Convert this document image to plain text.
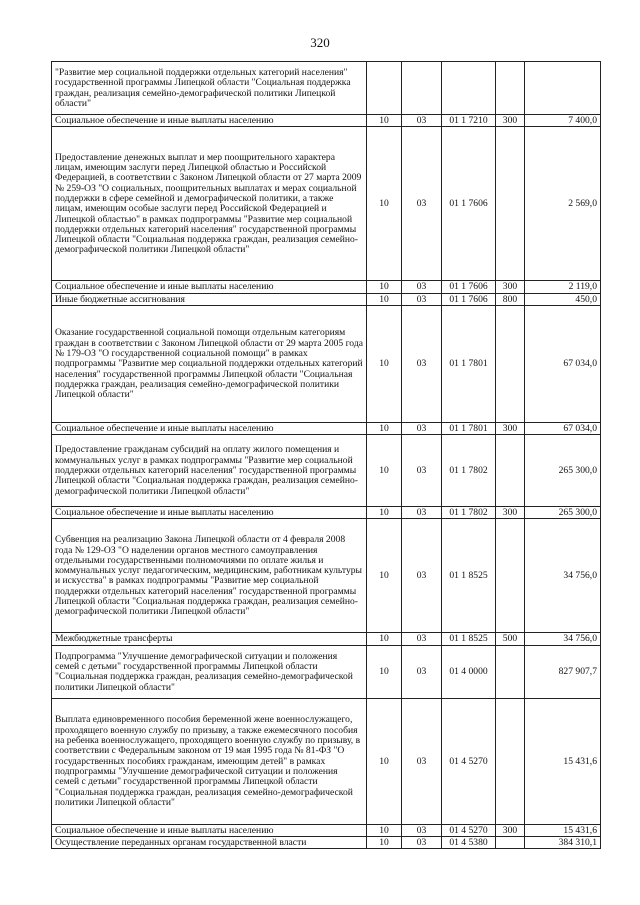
320
"Развитие мер социальной поддержки отдельных категорий населения" государственной программы Липецкой области "Социальная поддержка граждан, реализация семейно-демографической политики Липецкой области"					
Социальное обеспечение и иные выплаты населению	10	03	01 1 7210	300	7 400,0
Предоставление денежных выплат и мер поощрительного характера лицам, имеющим заслуги перед Липецкой областью и Российской Федерацией, в соответствии с Законом Липецкой области от 27 марта 2009 № 259-ОЗ "О социальных, поощрительных выплатах и мерах социальной поддержки в сфере семейной и демографической политики, а также лицам, имеющим особые заслуги перед Российской Федерацией и Липецкой областью" в рамках подпрограммы "Развитие мер социальной поддержки отдельных категорий населения" государственной программы Липецкой области "Социальная поддержка граждан, реализация семейно-демографической политики Липецкой области"	10	03	01 1 7606		2 569,0
Социальное обеспечение и иные выплаты населению	10	03	01 1 7606	300	2 119,0
Иные бюджетные ассигнования	10	03	01 1 7606	800	450,0
Оказание государственной социальной помощи отдельным категориям граждан в соответствии с Законом Липецкой области от 29 марта 2005 года № 179-ОЗ "О государственной социальной помощи" в рамках подпрограммы "Развитие мер социальной поддержки отдельных категорий населения" государственной программы Липецкой области "Социальная поддержка граждан, реализация семейно-демографической политики Липецкой области"	10	03	01 1 7801		67 034,0
Социальное обеспечение и иные выплаты населению	10	03	01 1 7801	300	67 034,0
Предоставление гражданам субсидий на оплату жилого помещения и коммунальных услуг в рамках подпрограммы "Развитие мер социальной поддержки отдельных категорий населения" государственной программы Липецкой области "Социальная поддержка граждан, реализация семейно-демографической политики Липецкой области"	10	03	01 1 7802		265 300,0
Социальное обеспечение и иные выплаты населению	10	03	01 1 7802	300	265 300,0
Субвенция на реализацию Закона Липецкой области от 4 февраля 2008 года № 129-ОЗ "О наделении органов местного самоуправления отдельными государственными полномочиями по оплате жилья и коммунальных услуг педагогическим, медицинским, работникам культуры и искусства" в рамках подпрограммы "Развитие мер социальной поддержки отдельных категорий населения" государственной программы Липецкой области "Социальная поддержка граждан, реализация семейно-демографической политики Липецкой области"	10	03	01 1 8525		34 756,0
Межбюджетные трансферты	10	03	01 1 8525	500	34 756,0
Подпрограмма "Улучшение демографической ситуации и положения семей с детьми" государственной программы Липецкой области "Социальная поддержка граждан, реализация семейно-демографической политики Липецкой области"	10	03	01 4 0000		827 907,7
Выплата единовременного пособия беременной жене военнослужащего, проходящего военную службу по призыву, а также ежемесячного пособия на ребенка военнослужащего, проходящего военную службу по призыву, в соответствии с Федеральным законом от 19 мая 1995 года № 81-ФЗ "О государственных пособиях гражданам, имеющим детей" в рамках подпрограммы "Улучшение демографической ситуации и положения семей с детьми" государственной программы Липецкой области "Социальная поддержка граждан, реализация семейно-демографической политики Липецкой области"	10	03	01 4 5270		15 431,6
Социальное обеспечение и иные выплаты населению	10	03	01 4 5270	300	15 431,6
Осуществление переданных органам государственной власти	10	03	01 4 5380		384 310,1
